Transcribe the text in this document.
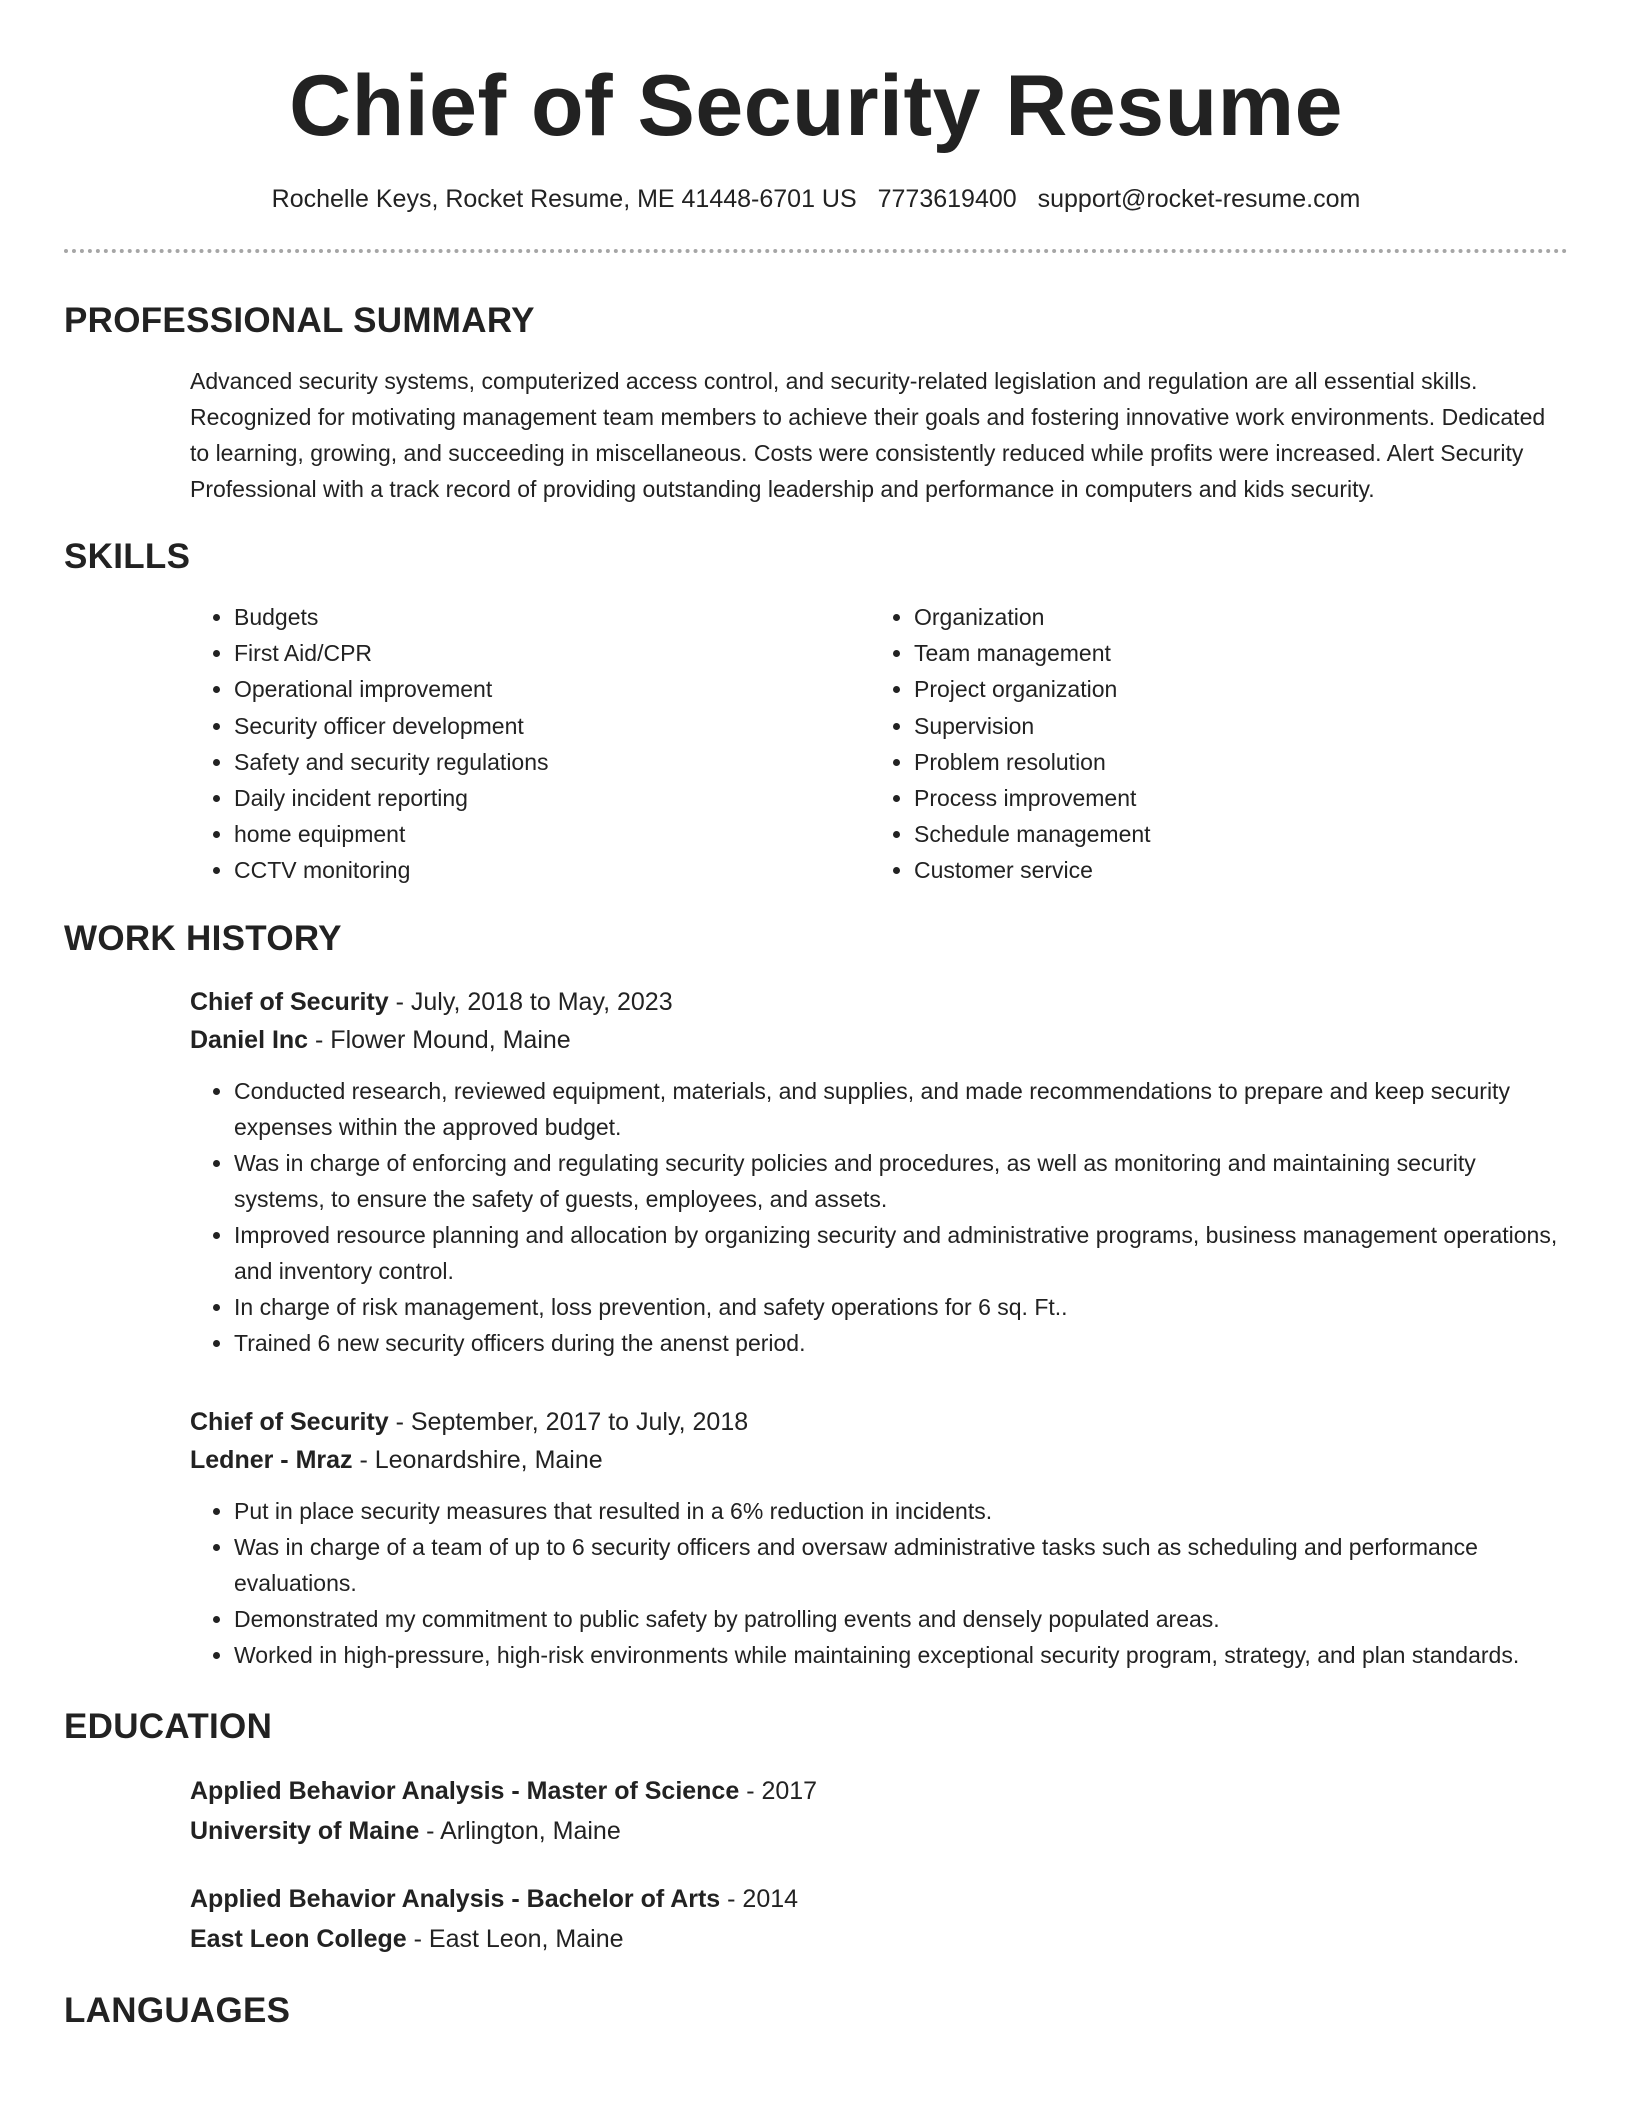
Chief of Security Resume
Rochelle Keys, Rocket Resume, ME 41448-6701 US 7773619400 support@rocket-resume.com
PROFESSIONAL SUMMARY
Advanced security systems, computerized access control, and security-related legislation and regulation are all essential skills. Recognized for motivating management team members to achieve their goals and fostering innovative work environments. Dedicated to learning, growing, and succeeding in miscellaneous. Costs were consistently reduced while profits were increased. Alert Security Professional with a track record of providing outstanding leadership and performance in computers and kids security.
SKILLS
• Budgets
• First Aid/CPR
• Operational improvement
• Security officer development
• Safety and security regulations
• Daily incident reporting
• home equipment
• CCTV monitoring
• Organization
• Team management
• Project organization
• Supervision
• Problem resolution
• Process improvement
• Schedule management
• Customer service
WORK HISTORY
Chief of Security - July, 2018 to May, 2023
Daniel Inc - Flower Mound, Maine
• Conducted research, reviewed equipment, materials, and supplies, and made recommendations to prepare and keep security expenses within the approved budget.
• Was in charge of enforcing and regulating security policies and procedures, as well as monitoring and maintaining security systems, to ensure the safety of guests, employees, and assets.
• Improved resource planning and allocation by organizing security and administrative programs, business management operations, and inventory control.
• In charge of risk management, loss prevention, and safety operations for 6 sq. Ft..
• Trained 6 new security officers during the anenst period.
Chief of Security - September, 2017 to July, 2018
Ledner - Mraz - Leonardshire, Maine
• Put in place security measures that resulted in a 6% reduction in incidents.
• Was in charge of a team of up to 6 security officers and oversaw administrative tasks such as scheduling and performance evaluations.
• Demonstrated my commitment to public safety by patrolling events and densely populated areas.
• Worked in high-pressure, high-risk environments while maintaining exceptional security program, strategy, and plan standards.
EDUCATION
Applied Behavior Analysis - Master of Science - 2017
University of Maine - Arlington, Maine
Applied Behavior Analysis - Bachelor of Arts - 2014
East Leon College - East Leon, Maine
LANGUAGES
